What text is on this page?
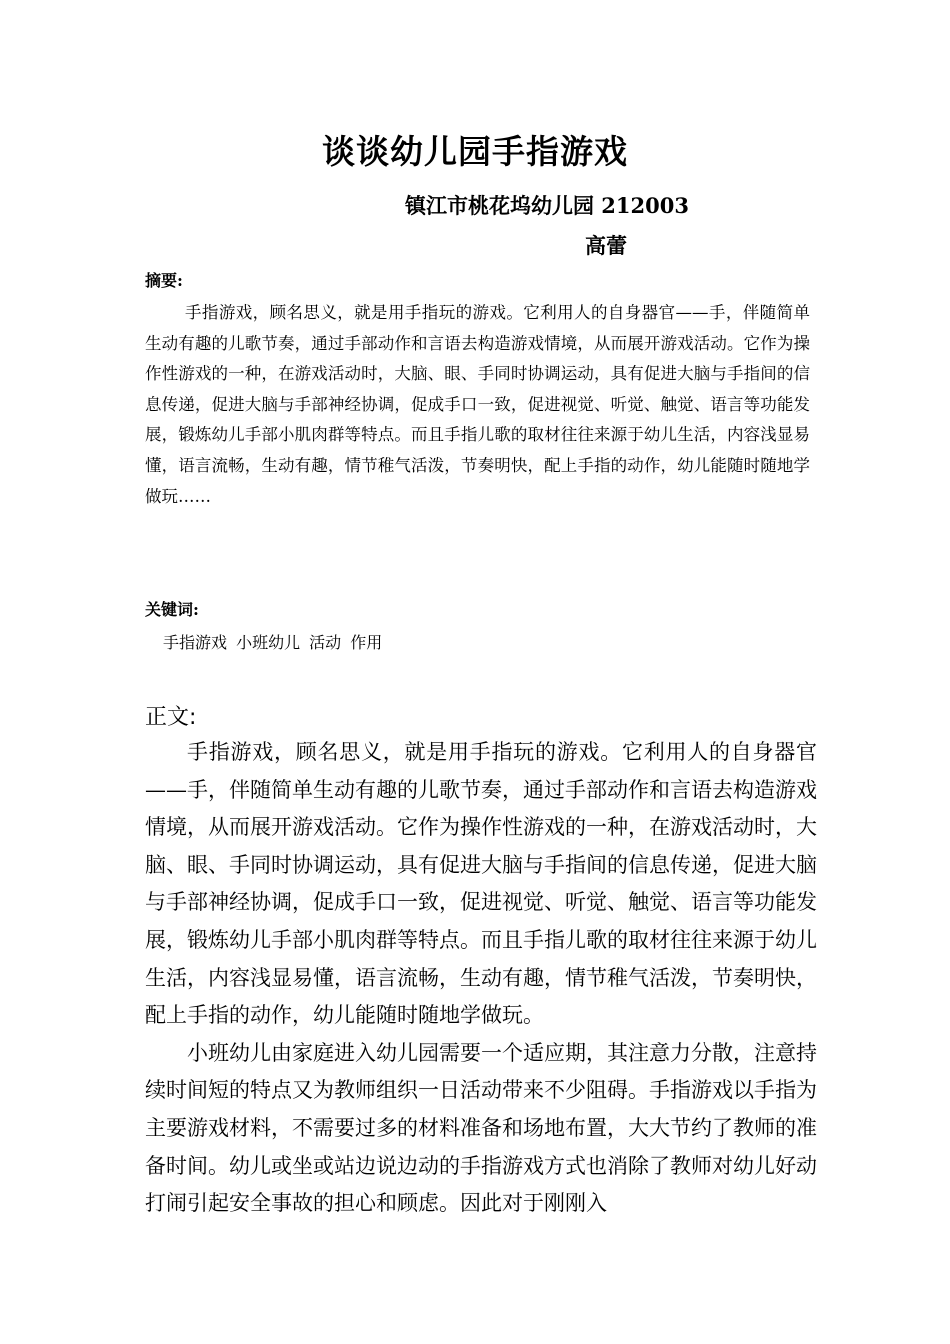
谈谈幼儿园手指游戏
镇江市桃花坞幼儿园 212003
高蕾
摘要:

手指游戏，顾名思义，就是用手指玩的游戏。它利用人的自身器官——手，伴随简单生动有趣的儿歌节奏，通过手部动作和言语去构造游戏情境，从而展开游戏活动。它作为操作性游戏的一种，在游戏活动时，大脑、眼、手同时协调运动，具有促进大脑与手指间的信息传递，促进大脑与手部神经协调，促成手口一致，促进视觉、听觉、触觉、语言等功能发展，锻炼幼儿手部小肌肉群等特点。而且手指儿歌的取材往往来源于幼儿生活，内容浅显易懂，语言流畅，生动有趣，情节稚气活泼，节奏明快，配上手指的动作，幼儿能随时随地学做玩……

关键词:
手指游戏 小班幼儿 活动 作用
正文:

手指游戏，顾名思义，就是用手指玩的游戏。它利用人的自身器官——手，伴随简单生动有趣的儿歌节奏，通过手部动作和言语去构造游戏情境，从而展开游戏活动。它作为操作性游戏的一种，在游戏活动时，大脑、眼、手同时协调运动，具有促进大脑与手指间的信息传递，促进大脑与手部神经协调，促成手口一致，促进视觉、听觉、触觉、语言等功能发展，锻炼幼儿手部小肌肉群等特点。而且手指儿歌的取材往往来源于幼儿生活，内容浅显易懂，语言流畅，生动有趣，情节稚气活泼，节奏明快，配上手指的动作，幼儿能随时随地学做玩。

小班幼儿由家庭进入幼儿园需要一个适应期，其注意力分散，注意持续时间短的特点又为教师组织一日活动带来不少阻碍。手指游戏以手指为主要游戏材料，不需要过多的材料准备和场地布置，大大节约了教师的准备时间。幼儿或坐或站边说边动的手指游戏方式也消除了教师对幼儿好动打闹引起安全事故的担心和顾虑。因此对于刚刚入
